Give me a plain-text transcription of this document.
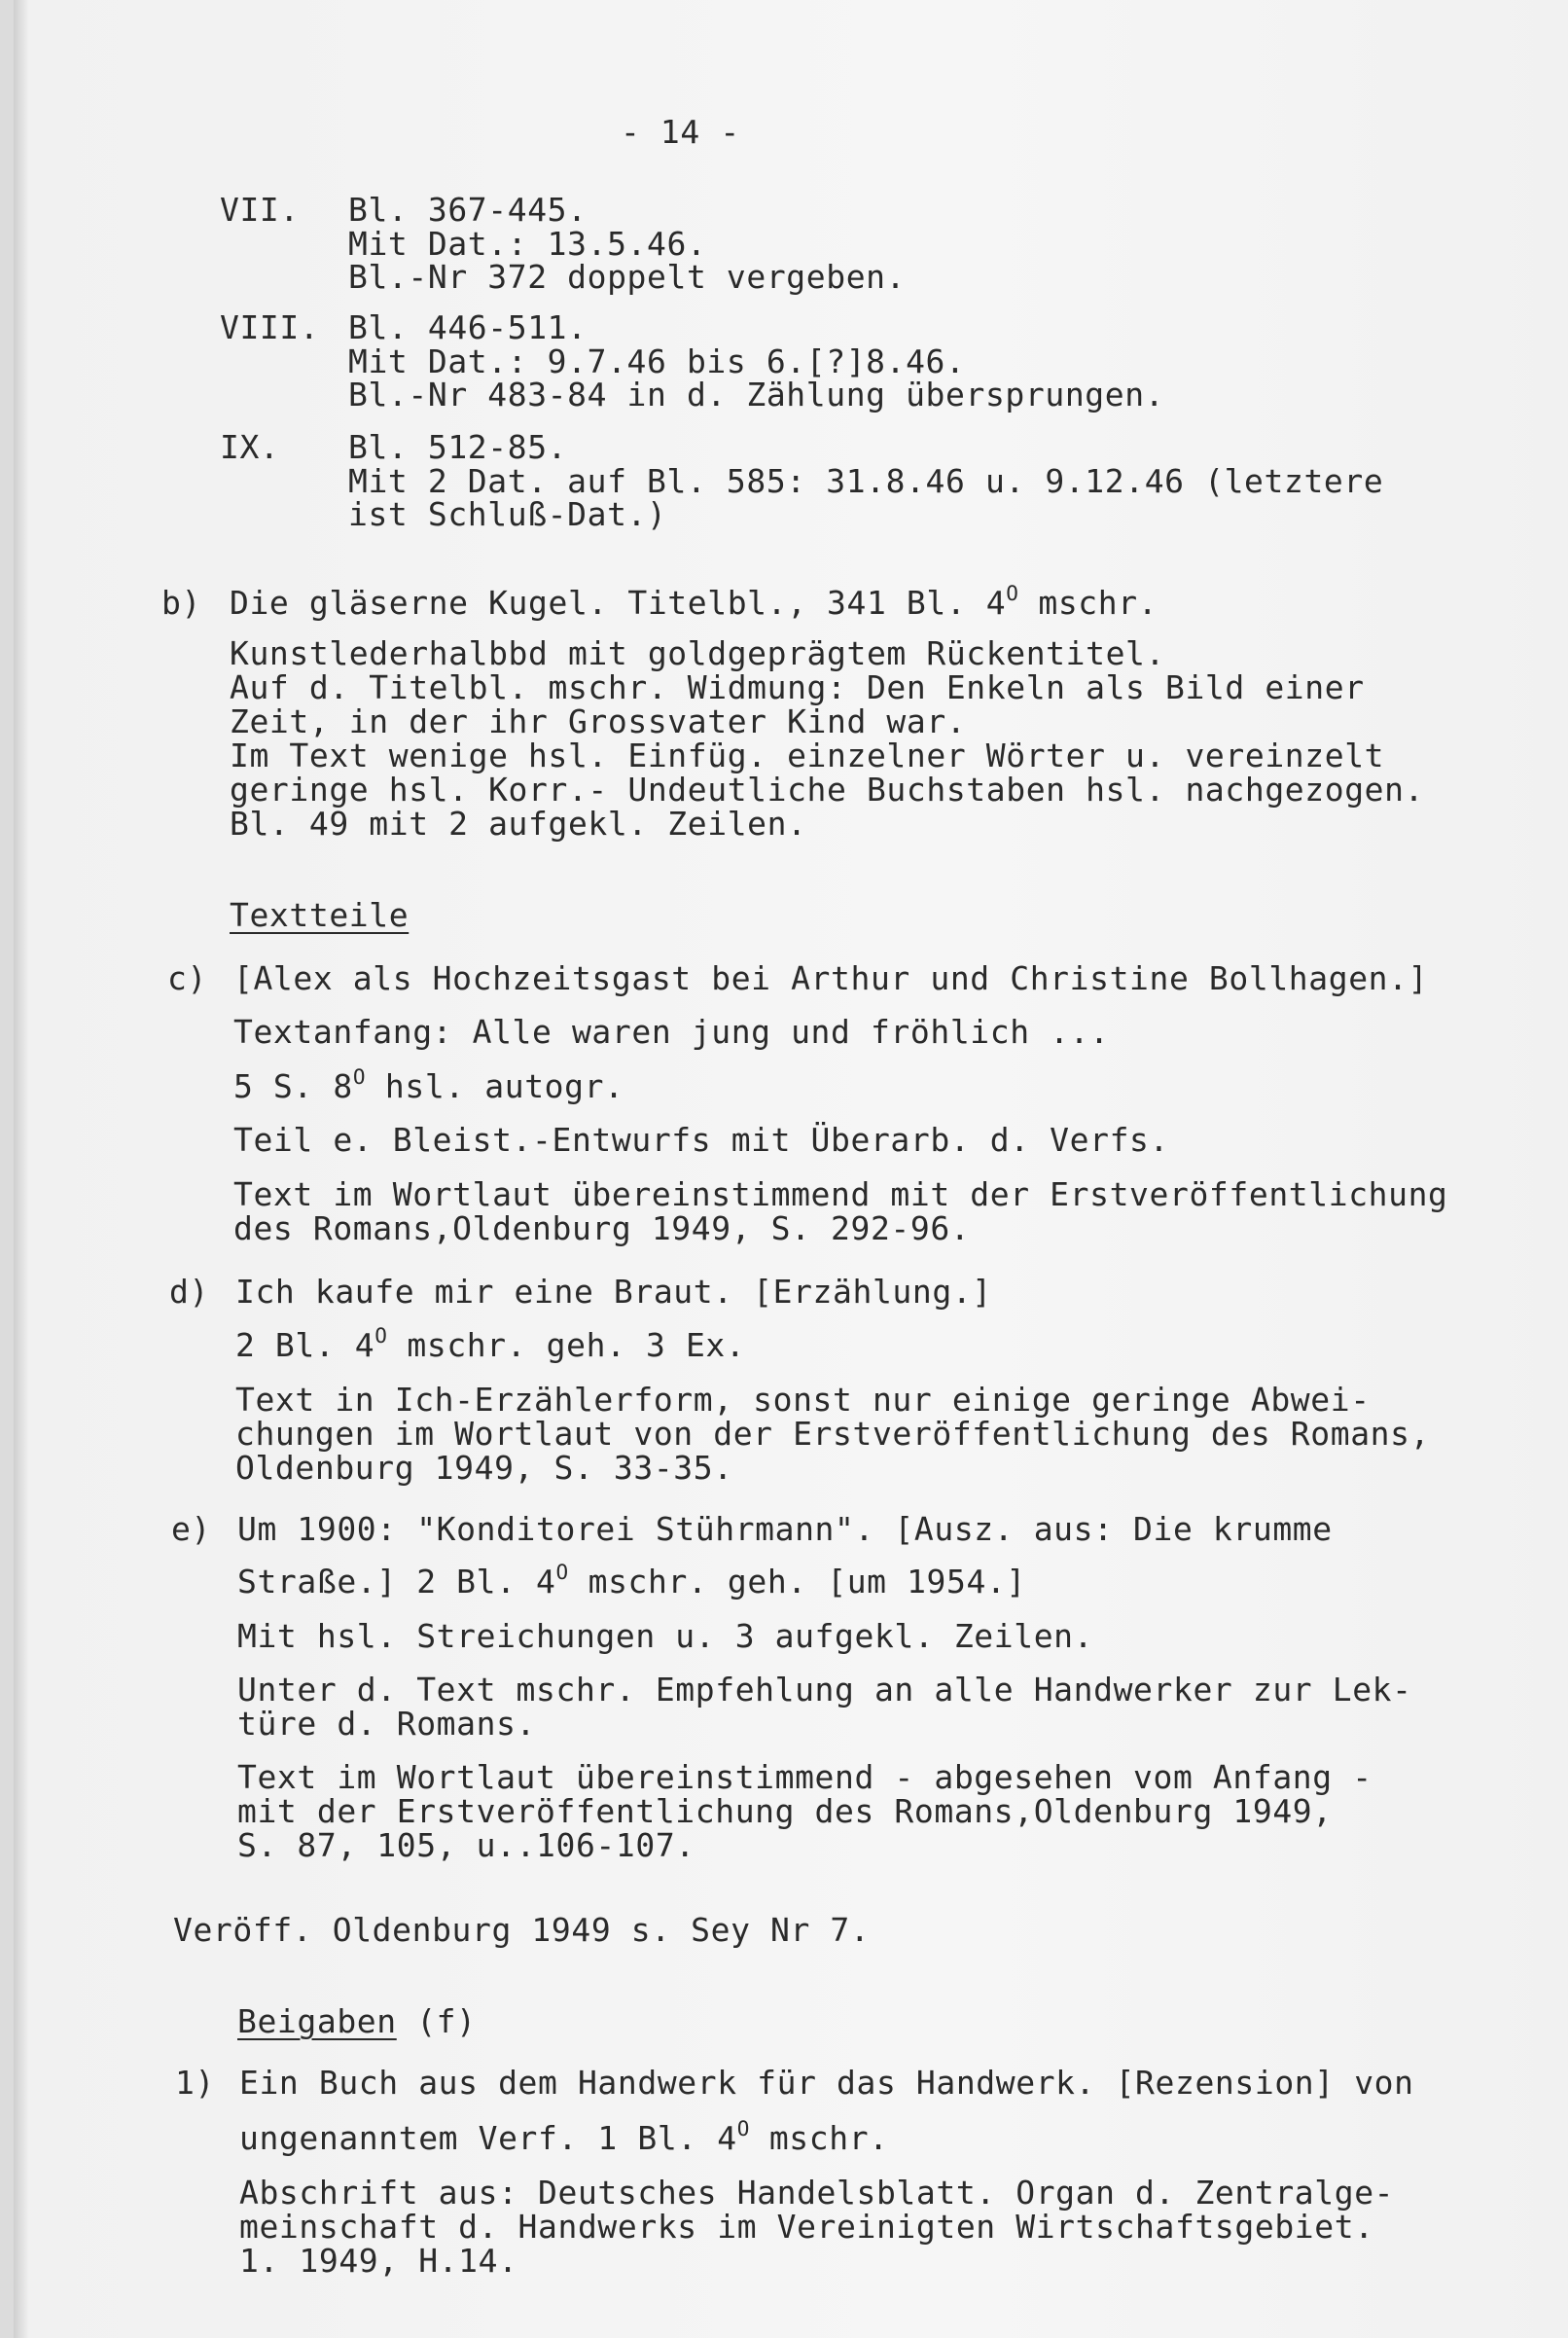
- 14 -
VII. Bl. 367-445.
Mit Dat.: 13.5.46.
Bl.-Nr 372 doppelt vergeben.
VIII. Bl. 446-511.
Mit Dat.: 9.7.46 bis 6.[?]8.46.
Bl.-Nr 483-84 in d. Zählung übersprungen.
IX. Bl. 512-85.
Mit 2 Dat. auf Bl. 585: 31.8.46 u. 9.12.46 (letztere
ist Schluß-Dat.)
b) Die gläserne Kugel. Titelbl., 341 Bl. $4^O$ mschr.
Kunstlederhalbbd mit goldgeprägtem Rückentitel.
Auf d. Titelbl. mschr. Widmung: Den Enkeln als Bild einer
Zeit, in der ihr Grossvater Kind war.
Im Text wenige hsl. Einfüg. einzelner Wörter u. vereinzelt
geringe hsl. Korr.- Undeutliche Buchstaben hsl. nachgezogen.
Bl. 49 mit 2 aufgekl. Zeilen.
Textteile
c) [Alex als Hochzeitsgast bei Arthur und Christine Bollhagen.]
Textanfang: Alle waren jung und fröhlich ...
5 S. $8^O$ hsl. autogr.
Teil e. Bleist.-Entwurfs mit Überarb. d. Verfs.
Text im Wortlaut übereinstimmend mit der Erstveröffentlichung
des Romans,Oldenburg 1949, S. 292-96.
d) Ich kaufe mir eine Braut. [Erzählung.]
2 Bl. $4^O$ mschr. geh. 3 Ex.
Text in Ich-Erzählerform, sonst nur einige geringe Abwei-
chungen im Wortlaut von der Erstveröffentlichung des Romans,
Oldenburg 1949, S. 33-35.
e) Um 1900: "Konditorei Stührmann". [Ausz. aus: Die krumme
Straße.] 2 Bl. $4^O$ mschr. geh. [um 1954.]
Mit hsl. Streichungen u. 3 aufgekl. Zeilen.
Unter d. Text mschr. Empfehlung an alle Handwerker zur Lek-
türe d. Romans.
Text im Wortlaut übereinstimmend - abgesehen vom Anfang -
mit der Erstveröffentlichung des Romans,Oldenburg 1949,
S. 87, 105, u..106-107.
Veröff. Oldenburg 1949 s. Sey Nr 7.
Beigaben (f)
1) Ein Buch aus dem Handwerk für das Handwerk. [Rezension] von
ungenanntem Verf. 1 Bl. $4^O$ mschr.
Abschrift aus: Deutsches Handelsblatt. Organ d. Zentralge-
meinschaft d. Handwerks im Vereinigten Wirtschaftsgebiet.
1. 1949, H.14.
